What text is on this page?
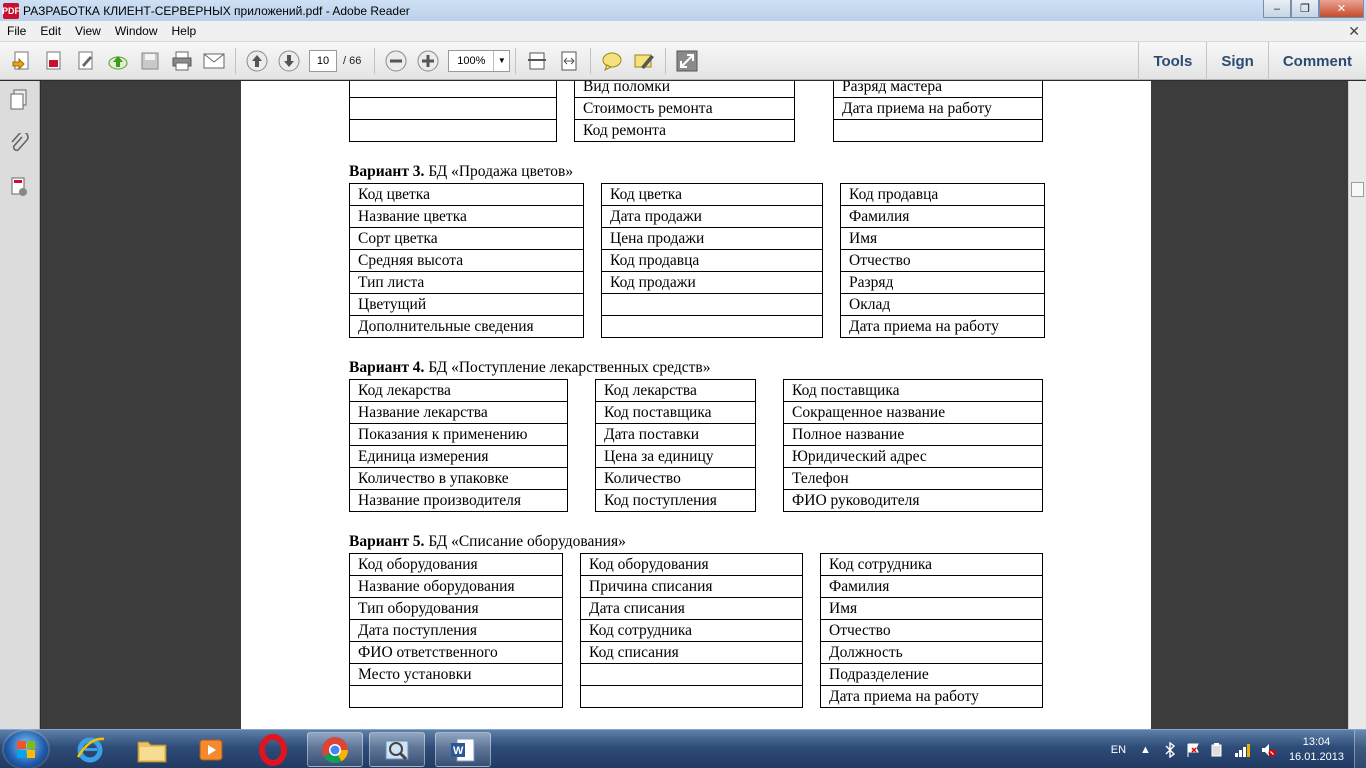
PDF РАЗРАБОТКА КЛИЕНТ-СЕРВЕРНЫХ приложений.pdf - Adobe Reader	–	❐	✕
File	Edit	View	Window	Help	✕
10	/ 66	100%	▼	Tools	Sign	Comment

Вид поломки
Стоимость ремонта
Код ремонта
Разряд мастера
Дата приема на работу

Вариант 3. БД «Продажа цветов»
Код цветка
Название цветка
Сорт цветка
Средняя высота
Тип листа
Цветущий
Дополнительные сведения
Код цветка
Дата продажи
Цена продажи
Код продавца
Код продажи

Код продавца
Фамилия
Имя
Отчество
Разряд
Оклад
Дата приема на работу
Вариант 4. БД «Поступление лекарственных средств»
Код лекарства
Название лекарства
Показания к применению
Единица измерения
Количество в упаковке
Название производителя
Код лекарства
Код поставщика
Дата поставки
Цена за единицу
Количество
Код поступления
Код поставщика
Сокращенное название
Полное название
Юридический адрес
Телефон
ФИО руководителя
Вариант 5. БД «Списание оборудования»
Код оборудования
Название оборудования
Тип оборудования
Дата поступления
ФИО ответственного
Место установки

Код оборудования
Причина списания
Дата списания
Код сотрудника
Код списания

Код сотрудника
Фамилия
Имя
Отчество
Должность
Подразделение
Дата приема на работу
W	EN ▲
13:04
16.01.2013
